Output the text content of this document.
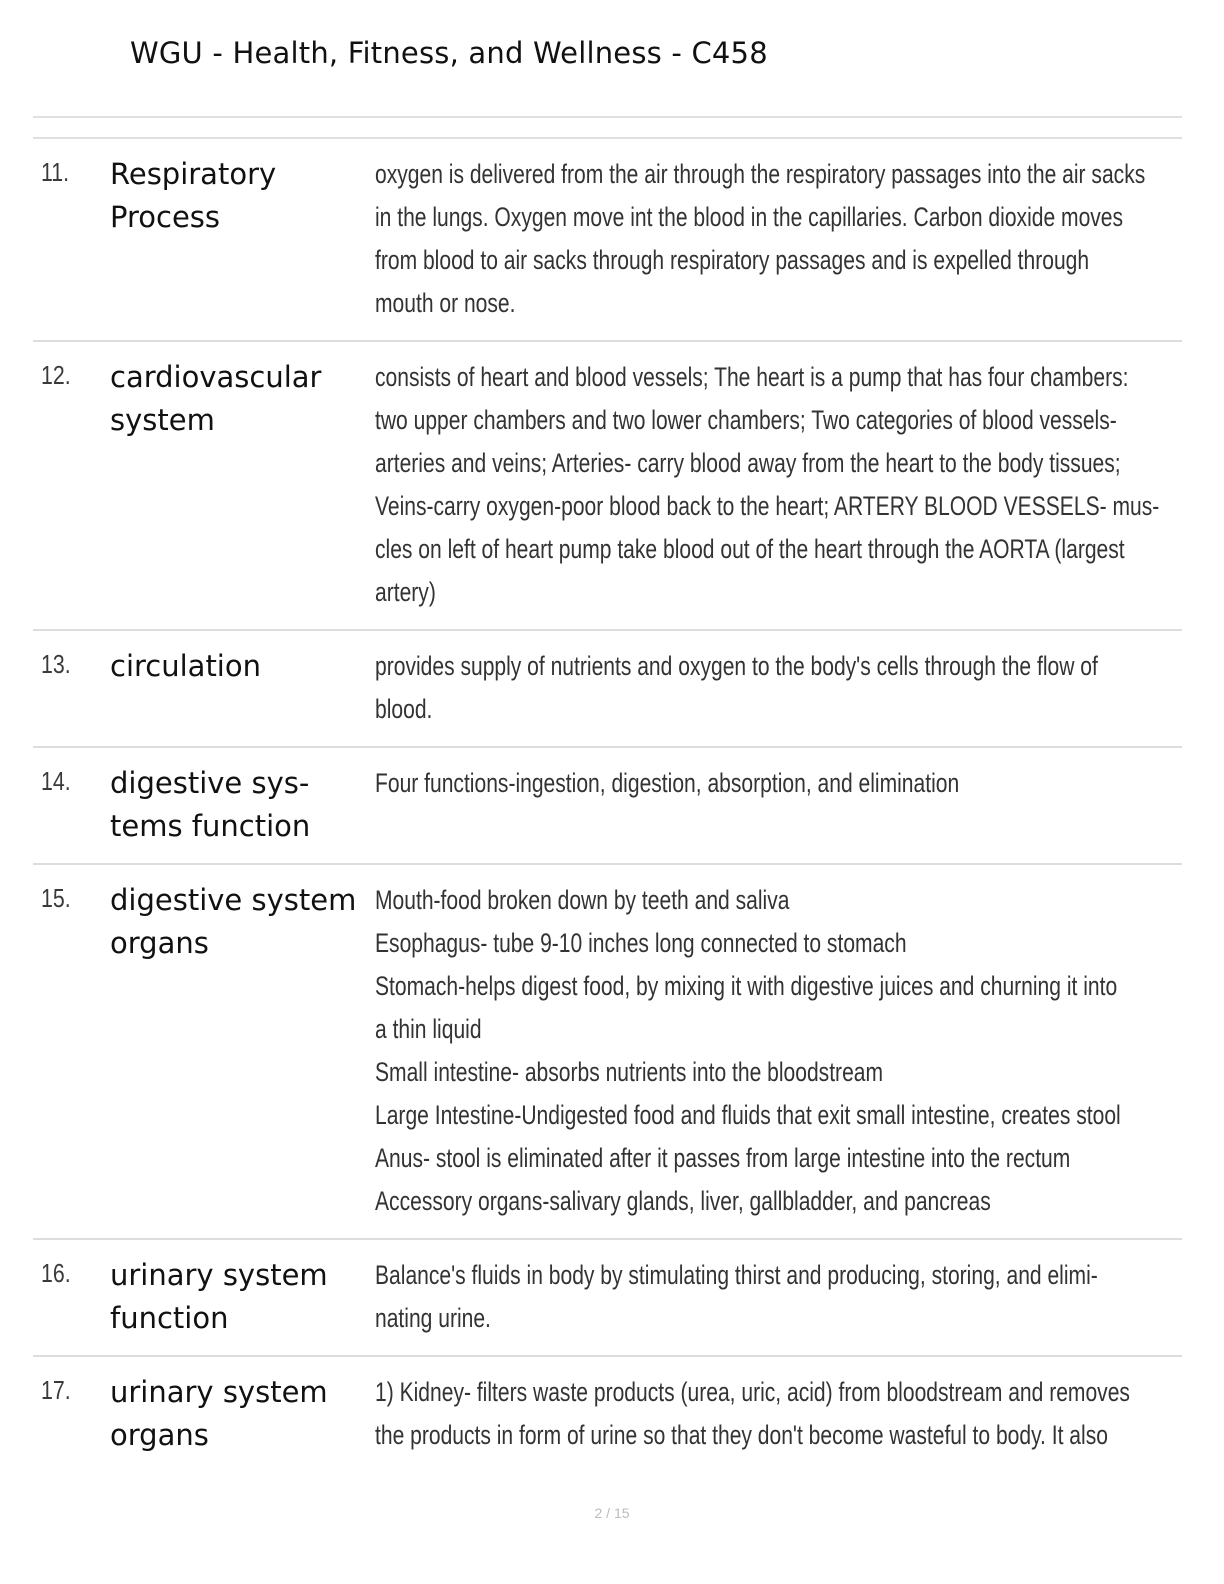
WGU - Health, Fitness, and Wellness - C458
11. Respiratory Process
oxygen is delivered from the air through the respiratory passages into the air sacks
in the lungs. Oxygen move int the blood in the capillaries. Carbon dioxide moves
from blood to air sacks through respiratory passages and is expelled through
mouth or nose.
12. cardiovascular system
consists of heart and blood vessels; The heart is a pump that has four chambers:
two upper chambers and two lower chambers; Two categories of blood vessels-
arteries and veins; Arteries- carry blood away from the heart to the body tissues;
Veins-carry oxygen-poor blood back to the heart; ARTERY BLOOD VESSELS- mus-
cles on left of heart pump take blood out of the heart through the AORTA (largest
artery)
13. circulation	provides supply of nutrients and oxygen to the body's cells through the flow of
blood.
14. digestive sys- tems function
Four functions-ingestion, digestion, absorption, and elimination
15. digestive system organs
Mouth-food broken down by teeth and saliva
Esophagus- tube 9-10 inches long connected to stomach
Stomach-helps digest food, by mixing it with digestive juices and churning it into
a thin liquid
Small intestine- absorbs nutrients into the bloodstream
Large Intestine-Undigested food and fluids that exit small intestine, creates stool
Anus- stool is eliminated after it passes from large intestine into the rectum
Accessory organs-salivary glands, liver, gallbladder, and pancreas
16. urinary system function
Balance's fluids in body by stimulating thirst and producing, storing, and elimi-
nating urine.
17. urinary system organs
1) Kidney- filters waste products (urea, uric, acid) from bloodstream and removes
the products in form of urine so that they don't become wasteful to body. It also
2 / 15
